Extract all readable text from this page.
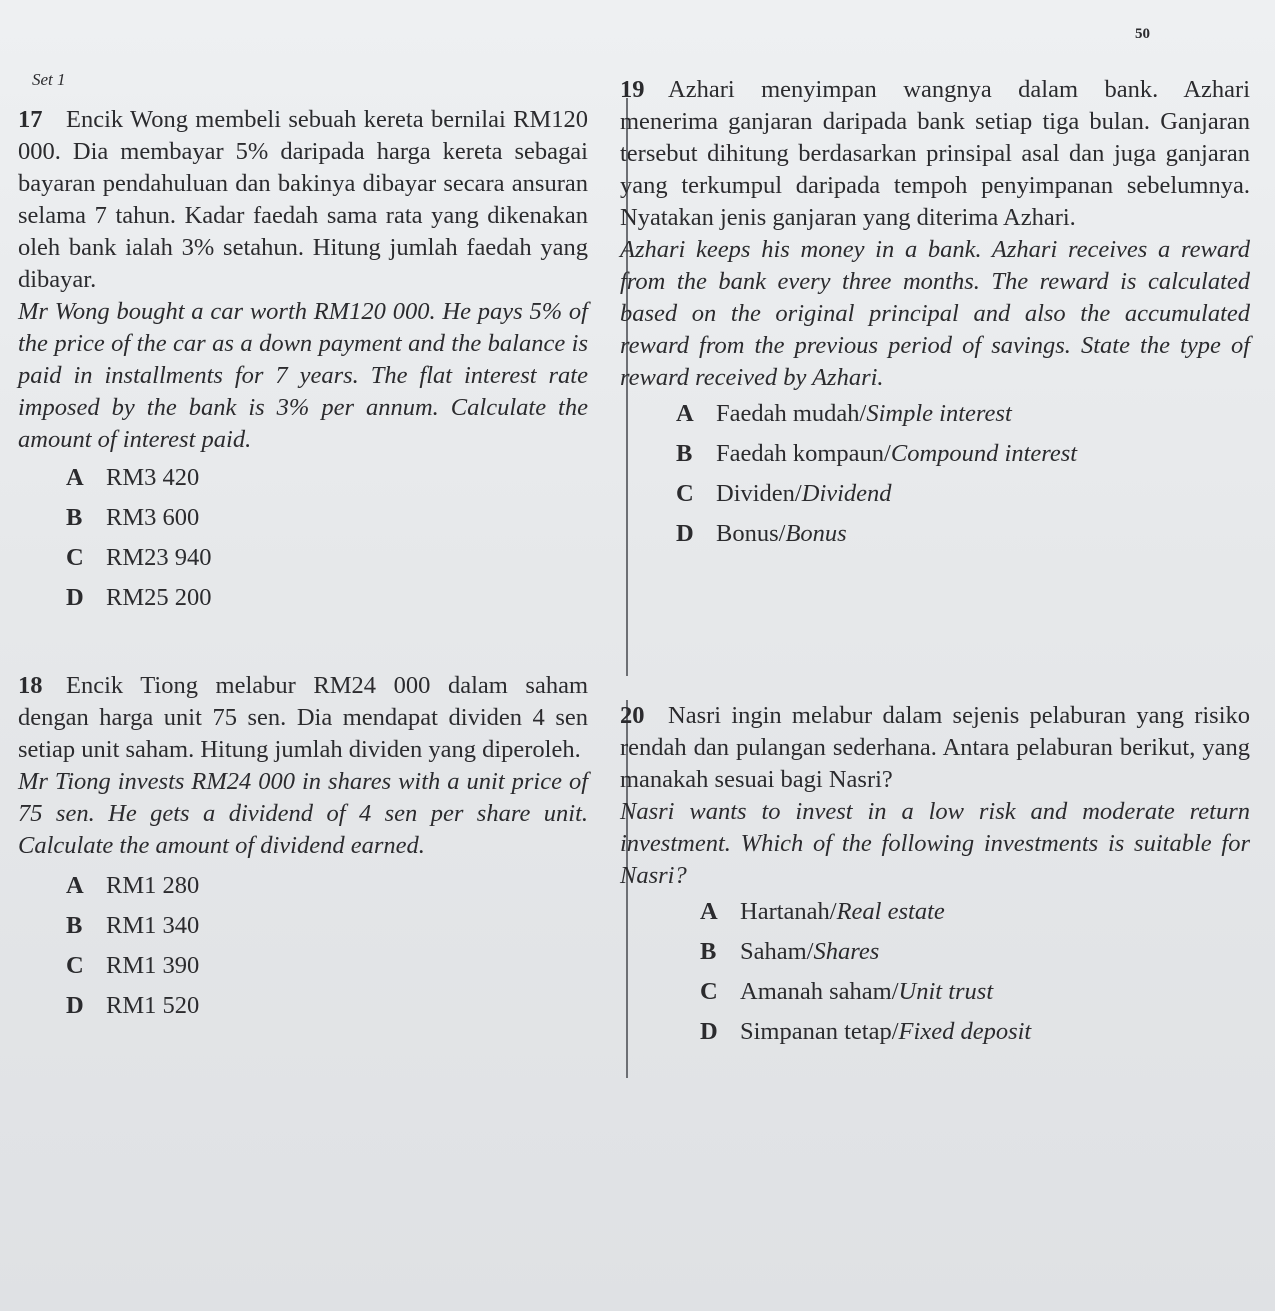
50
Set 1

17 Encik Wong membeli sebuah kereta bernilai RM120 000. Dia membayar 5% daripada harga kereta sebagai bayaran pendahuluan dan bakinya dibayar secara ansuran selama 7 tahun. Kadar faedah sama rata yang dikenakan oleh bank ialah 3% setahun. Hitung jumlah faedah yang dibayar.

Mr Wong bought a car worth RM120 000. He pays 5% of the price of the car as a down payment and the balance is paid in installments for 7 years. The flat interest rate imposed by the bank is 3% per annum. Calculate the amount of interest paid.

A RM3 420
B RM3 600
C RM23 940
D RM25 200

18 Encik Tiong melabur RM24 000 dalam saham dengan harga unit 75 sen. Dia mendapat dividen 4 sen setiap unit saham. Hitung jumlah dividen yang diperoleh.

Mr Tiong invests RM24 000 in shares with a unit price of 75 sen. He gets a dividend of 4 sen per share unit. Calculate the amount of dividend earned.

A RM1 280
B RM1 340
C RM1 390
D RM1 520

19 Azhari menyimpan wangnya dalam bank. Azhari menerima ganjaran daripada bank setiap tiga bulan. Ganjaran tersebut dihitung berdasarkan prinsipal asal dan juga ganjaran yang terkumpul daripada tempoh penyimpanan sebelumnya. Nyatakan jenis ganjaran yang diterima Azhari.

Azhari keeps his money in a bank. Azhari receives a reward from the bank every three months. The reward is calculated based on the original principal and also the accumulated reward from the previous period of savings. State the type of reward received by Azhari.

A Faedah mudah/ Simple interest
B Faedah kompaun/ Compound interest
C Dividen/ Dividend
D Bonus/ Bonus

20 Nasri ingin melabur dalam sejenis pelaburan yang risiko rendah dan pulangan sederhana. Antara pelaburan berikut, yang manakah sesuai bagi Nasri?

Nasri wants to invest in a low risk and moderate return investment. Which of the following investments is suitable for Nasri?

A Hartanah/ Real estate
B Saham/ Shares
C Amanah saham/ Unit trust
D Simpanan tetap/ Fixed deposit
